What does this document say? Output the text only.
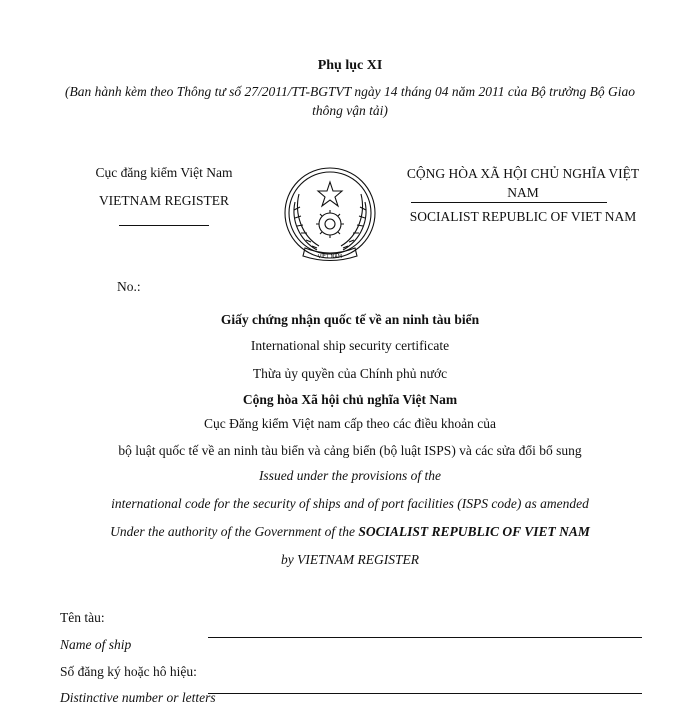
Phụ lục XI
(Ban hành kèm theo Thông tư số 27/2011/TT-BGTVT ngày 14 tháng 04 năm 2011 của Bộ trưởng Bộ Giao thông vận tải)
Cục đăng kiểm Việt Nam
VIETNAM REGISTER
VIET NAM
CỘNG HÒA XÃ HỘI CHỦ NGHĨA VIỆT NAM
SOCIALIST REPUBLIC OF VIET NAM
No.:
Giấy chứng nhận quốc tế về an ninh tàu biển
International ship security certificate
Thừa ủy quyền của Chính phủ nước
Cộng hòa Xã hội chủ nghĩa Việt Nam
Cục Đăng kiểm Việt nam cấp theo các điều khoản của
bộ luật quốc tế về an ninh tàu biển và cảng biển (bộ luật ISPS) và các sửa đổi bổ sung
Issued under the provisions of the
international code for the security of ships and of port facilities (ISPS code) as amended
Under the authority of the Government of the SOCIALIST REPUBLIC OF VIET NAM
by VIETNAM REGISTER
Tên tàu:
Name of ship
Số đăng ký hoặc hô hiệu:
Distinctive number or letters
